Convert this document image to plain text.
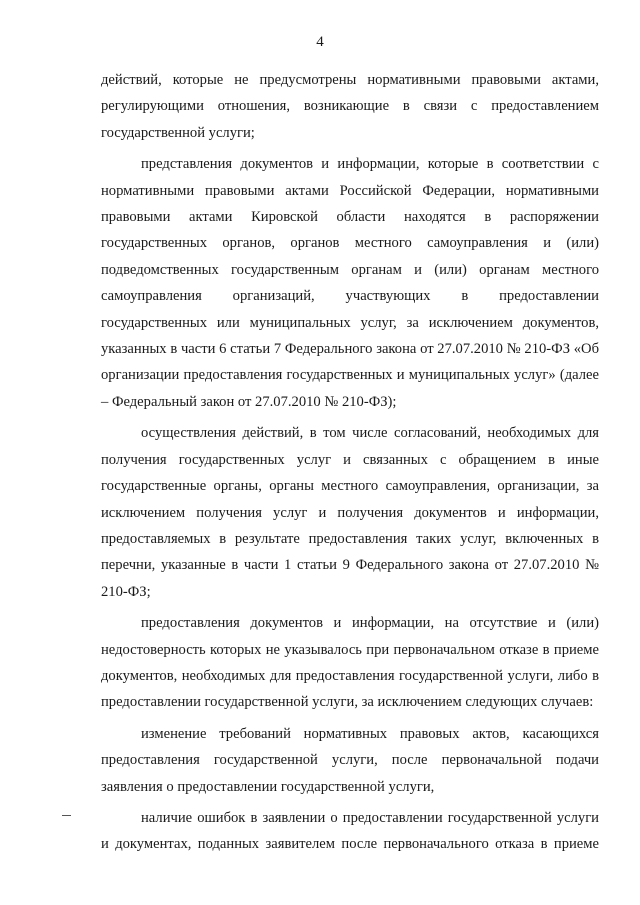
4

действий, которые не предусмотрены нормативными правовыми актами, регулирующими отношения, возникающие в связи с предоставлением государственной услуги;

представления документов и информации, которые в соответствии с нормативными правовыми актами Российской Федерации, нормативными правовыми актами Кировской области находятся в распоряжении государственных органов, органов местного самоуправления и (или) подведомственных государственным органам и (или) органам местного самоуправления организаций, участвующих в предоставлении государственных или муниципальных услуг, за исключением документов, указанных в части 6 статьи 7 Федерального закона от 27.07.2010 № 210-ФЗ «Об организации предоставления государственных и муниципальных услуг» (далее – Федеральный закон от 27.07.2010 № 210-ФЗ);

осуществления действий, в том числе согласований, необходимых для получения государственных услуг и связанных с обращением в иные государственные органы, органы местного самоуправления, организации, за исключением получения услуг и получения документов и информации, предоставляемых в результате предоставления таких услуг, включенных в перечни, указанные в части 1 статьи 9 Федерального закона от 27.07.2010 № 210-ФЗ;

предоставления документов и информации, на отсутствие и (или) недостоверность которых не указывалось при первоначальном отказе в приеме документов, необходимых для предоставления государственной услуги, либо в предоставлении государственной услуги, за исключением следующих случаев:

изменение требований нормативных правовых актов, касающихся предоставления государственной услуги, после первоначальной подачи заявления о предоставлении государственной услуги,

наличие ошибок в заявлении о предоставлении государственной услуги и документах, поданных заявителем после первоначального отказа в приеме
